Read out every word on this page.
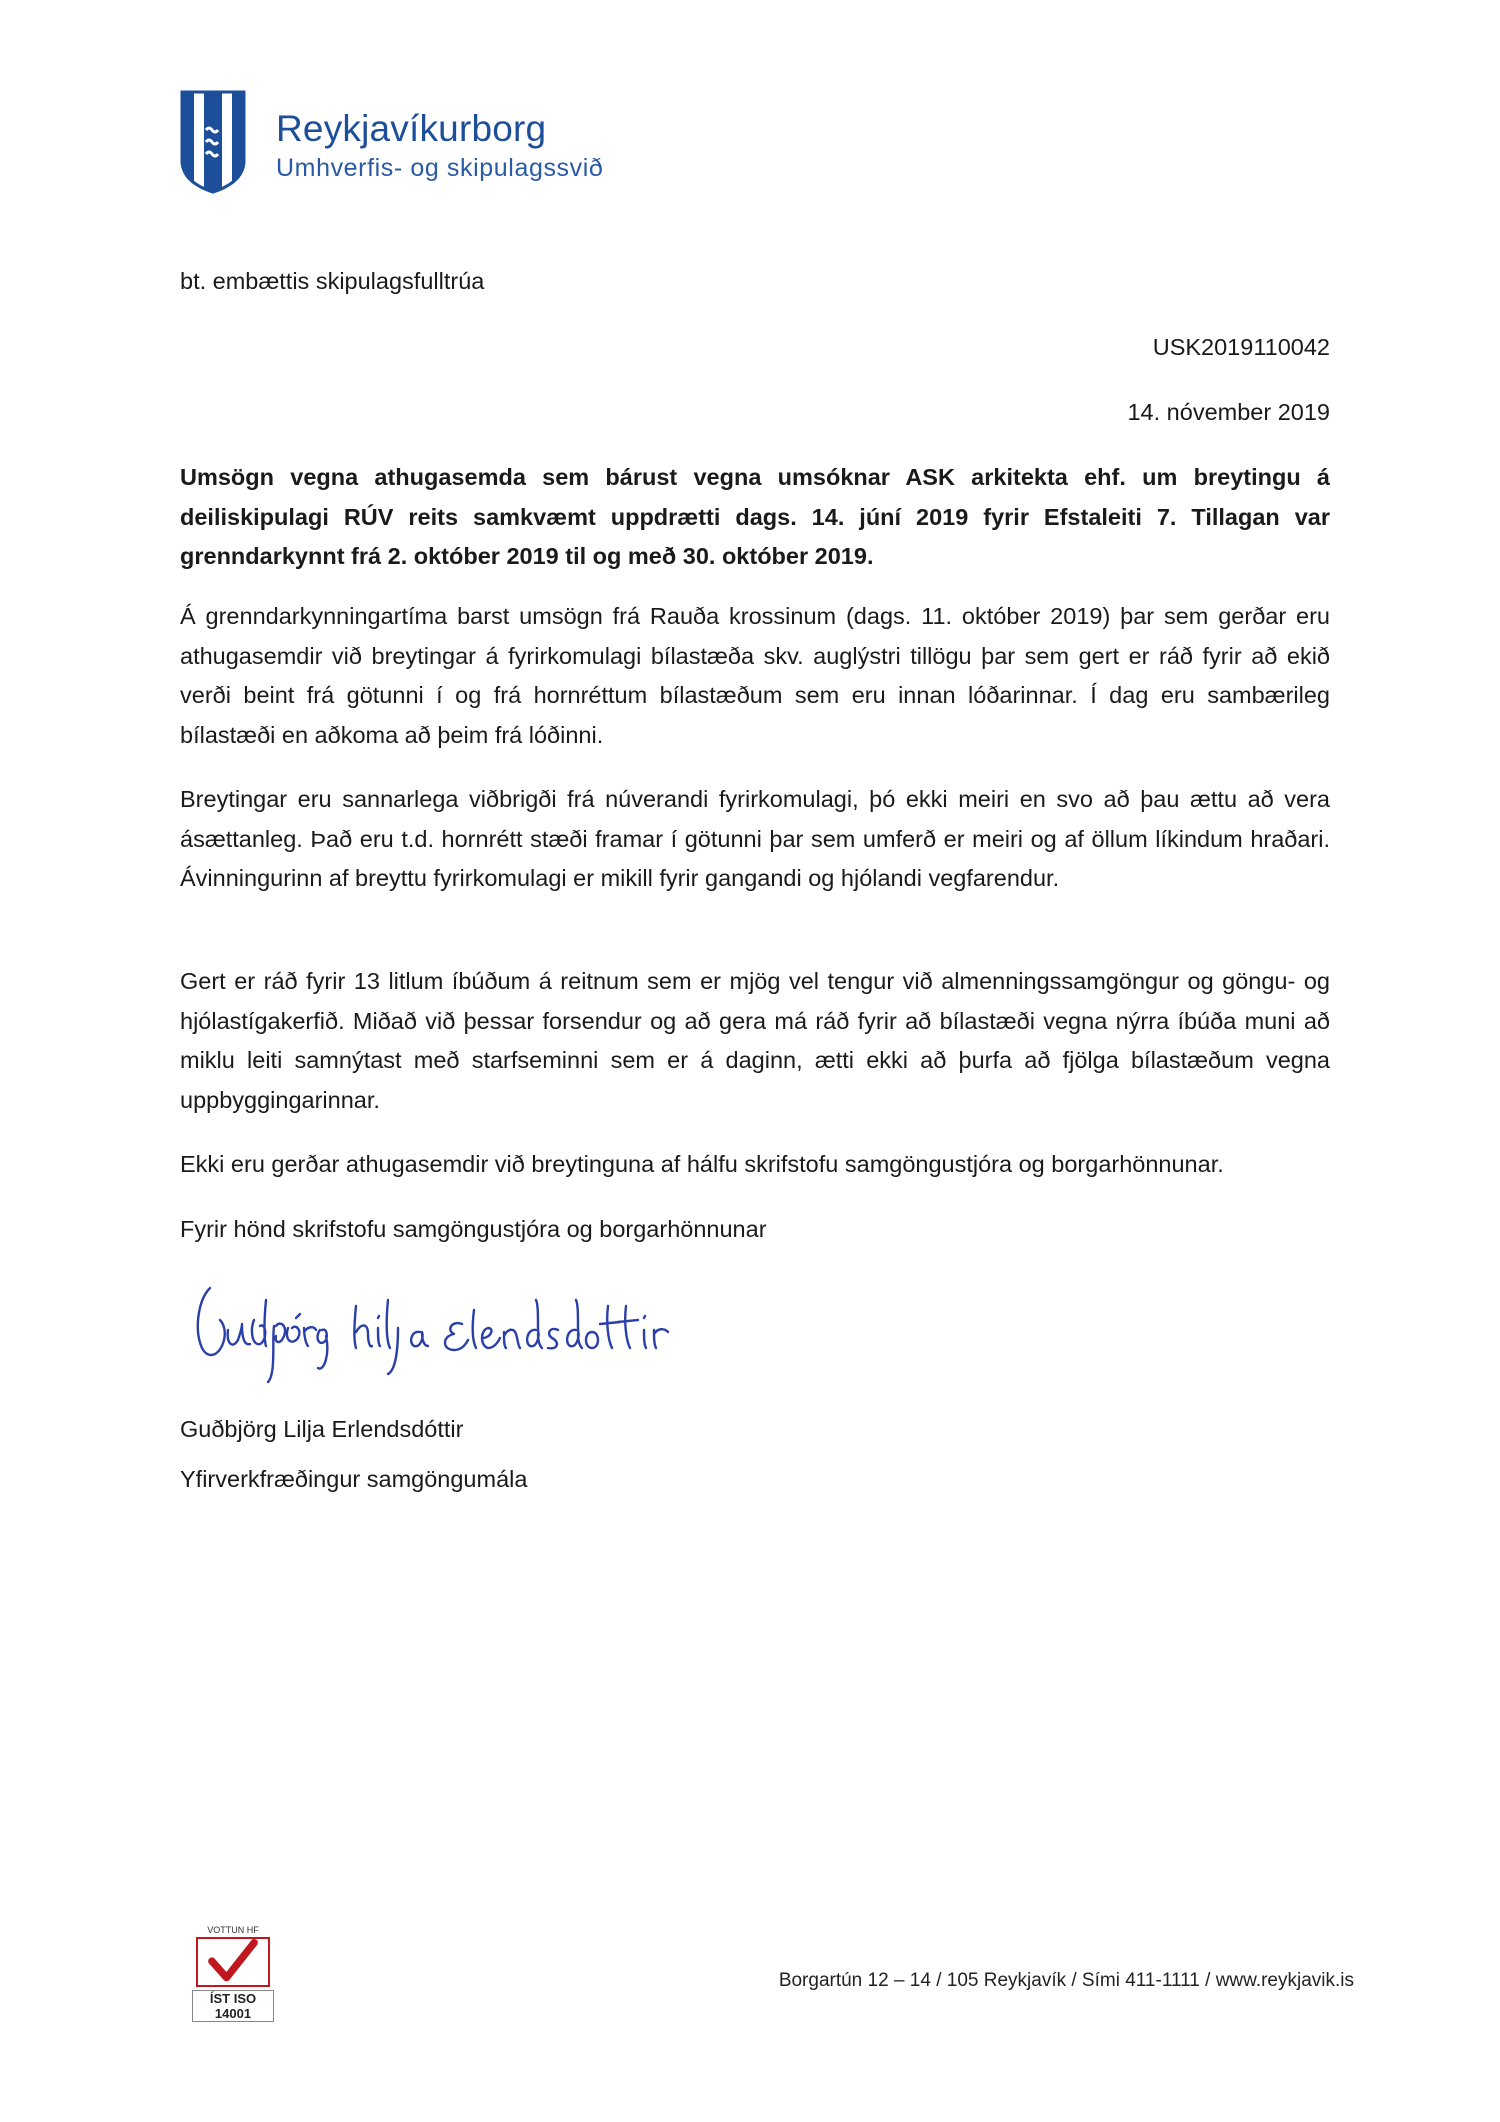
Reykjavíkurborg
Umhverfis- og skipulagssvið
bt. embættis skipulagsfulltrúa
USK2019110042
14. nóvember 2019
Umsögn vegna athugasemda sem bárust vegna umsóknar ASK arkitekta ehf. um breytingu á deiliskipulagi RÚV reits samkvæmt uppdrætti dags. 14. júní 2019 fyrir Efstaleiti 7. Tillagan var grenndarkynnt frá 2. október 2019 til og með 30. október 2019.
Á grenndarkynningartíma barst umsögn frá Rauða krossinum (dags. 11. október 2019) þar sem gerðar eru athugasemdir við breytingar á fyrirkomulagi bílastæða skv. auglýstri tillögu þar sem gert er ráð fyrir að ekið verði beint frá götunni í og frá hornréttum bílastæðum sem eru innan lóðarinnar. Í dag eru sambærileg bílastæði en aðkoma að þeim frá lóðinni.
Breytingar eru sannarlega viðbrigði frá núverandi fyrirkomulagi, þó ekki meiri en svo að þau ættu að vera ásættanleg. Það eru t.d. hornrétt stæði framar í götunni þar sem umferð er meiri og af öllum líkindum hraðari. Ávinningurinn af breyttu fyrirkomulagi er mikill fyrir gangandi og hjólandi vegfarendur.
Gert er ráð fyrir 13 litlum íbúðum á reitnum sem er mjög vel tengur við almenningssamgöngur og göngu- og hjólastígakerfið. Miðað við þessar forsendur og að gera má ráð fyrir að bílastæði vegna nýrra íbúða muni að miklu leiti samnýtast með starfseminni sem er á daginn, ætti ekki að þurfa að fjölga bílastæðum vegna uppbyggingarinnar.
Ekki eru gerðar athugasemdir við breytinguna af hálfu skrifstofu samgöngustjóra og borgarhönnunar.
Fyrir hönd skrifstofu samgöngustjóra og borgarhönnunar
Guðbjörg Lilja Erlendsdóttir
Yfirverkfræðingur samgöngumála
VOTTUN HF
ÍST ISO 14001
Borgartún 12 – 14 / 105 Reykjavík / Sími 411-1111 / www.reykjavik.is
